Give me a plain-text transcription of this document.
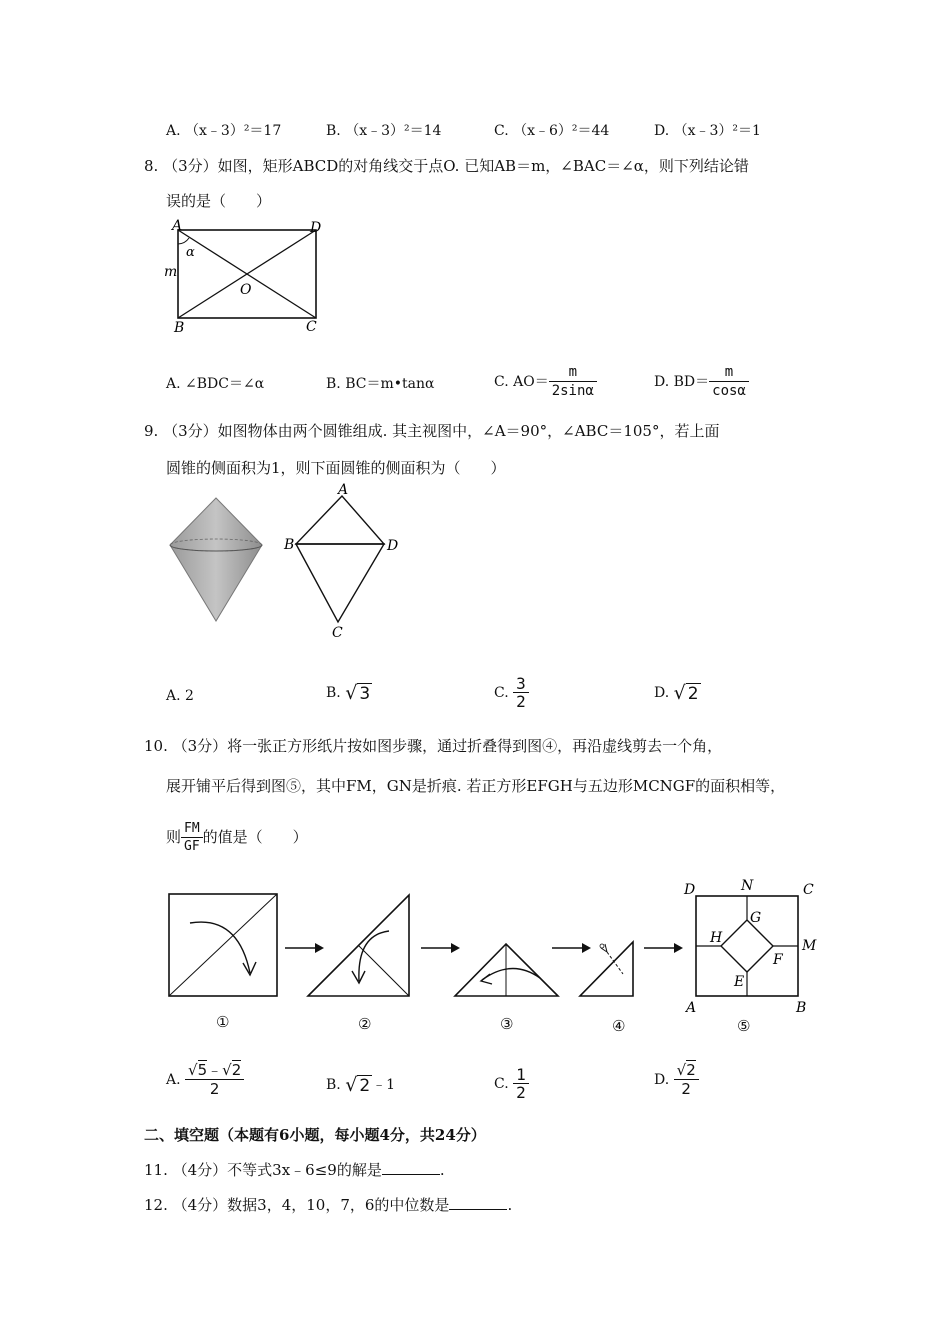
A. （x﹣3）²＝17	B. （x﹣3）²＝14	C. （x﹣6）²＝44	D. （x﹣3）²＝1
8. （3分）如图，矩形ABCD的对角线交于点O. 已知AB＝m，∠BAC＝∠α，则下列结论错
误的是（　　）
A	D
B	C
O
m
α
A. ∠BDC＝∠α	B. BC＝m•tanα	C. $AO= \frac{m}{2\sin\alpha}$	D. $BD= \frac{m}{\cos\alpha}$
9. （3分）如图物体由两个圆锥组成. 其主视图中，∠A＝90°，∠ABC＝105°，若上面
圆锥的侧面积为1，则下面圆锥的侧面积为（　　）
A
B	D
C
A. 2	B. √ 3	C. $\frac{3}{2}$	D. √ 2
10. （3分）将一张正方形纸片按如图步骤，通过折叠得到图④，再沿虚线剪去一个角，
展开铺平后得到图⑤，其中FM，GN是折痕. 若正方形EFGH与五边形MCNGF的面积相等，
则 $\frac{FM}{GF}$ 的值是（　　）
D	N	C
G
H	M
F
E
A	B
①	②	③	④	⑤
A. $\frac{√5﹣√2}{2}$	B. √ 2 ﹣1	C. $\frac{1}{2}$	D. $\frac{√2}{2}$
二、填空题（本题有6小题，每小题4分，共24分）
11. （4分）不等式3x﹣6≤9的解是	.
12. （4分）数据3，4，10，7，6的中位数是	.
